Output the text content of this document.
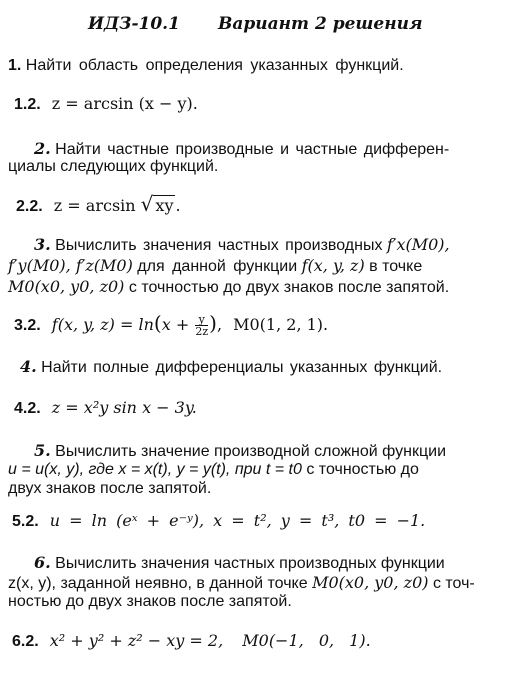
ИДЗ-10.1 Вариант 2 решения
1. Найти область определения указанных функций.
1.2. z = arcsin (x − y).
2. Найти частные производные и частные дифферен-
циалы следующих функций.
2.2. z = arcsin √ xy .
3. Вычислить значения частных производных f′x(M0),
f′y(M0), f′z(M0) для данной функции f(x, y, z) в точке
M0(x0, y0, z0) с точностью до двух знаков после запятой.
3.2. f(x, y, $z) = \ln(x + \frac{y}{2z}$ ), M0(1, 2, 1).
4. Найти полные дифференциалы указанных функций.
4.2. z = x²y sin x − 3y.
5. Вычислить значение производной сложной функции
u = u(x, y), где x = x(t), y = y(t), при t = t0 с точностью до
двух знаков после запятой.
5.2. u = ln (eˣ + e⁻ʸ), x = t², y = t³, t0 = −1.
6. Вычислить значения частных производных функции
z(x, y), заданной неявно, в данной точке M0(x0, y0, z0) с точ-
ностью до двух знаков после запятой.
6.2. x² + y² + z² − xy = 2, M0(−1, 0, 1).
